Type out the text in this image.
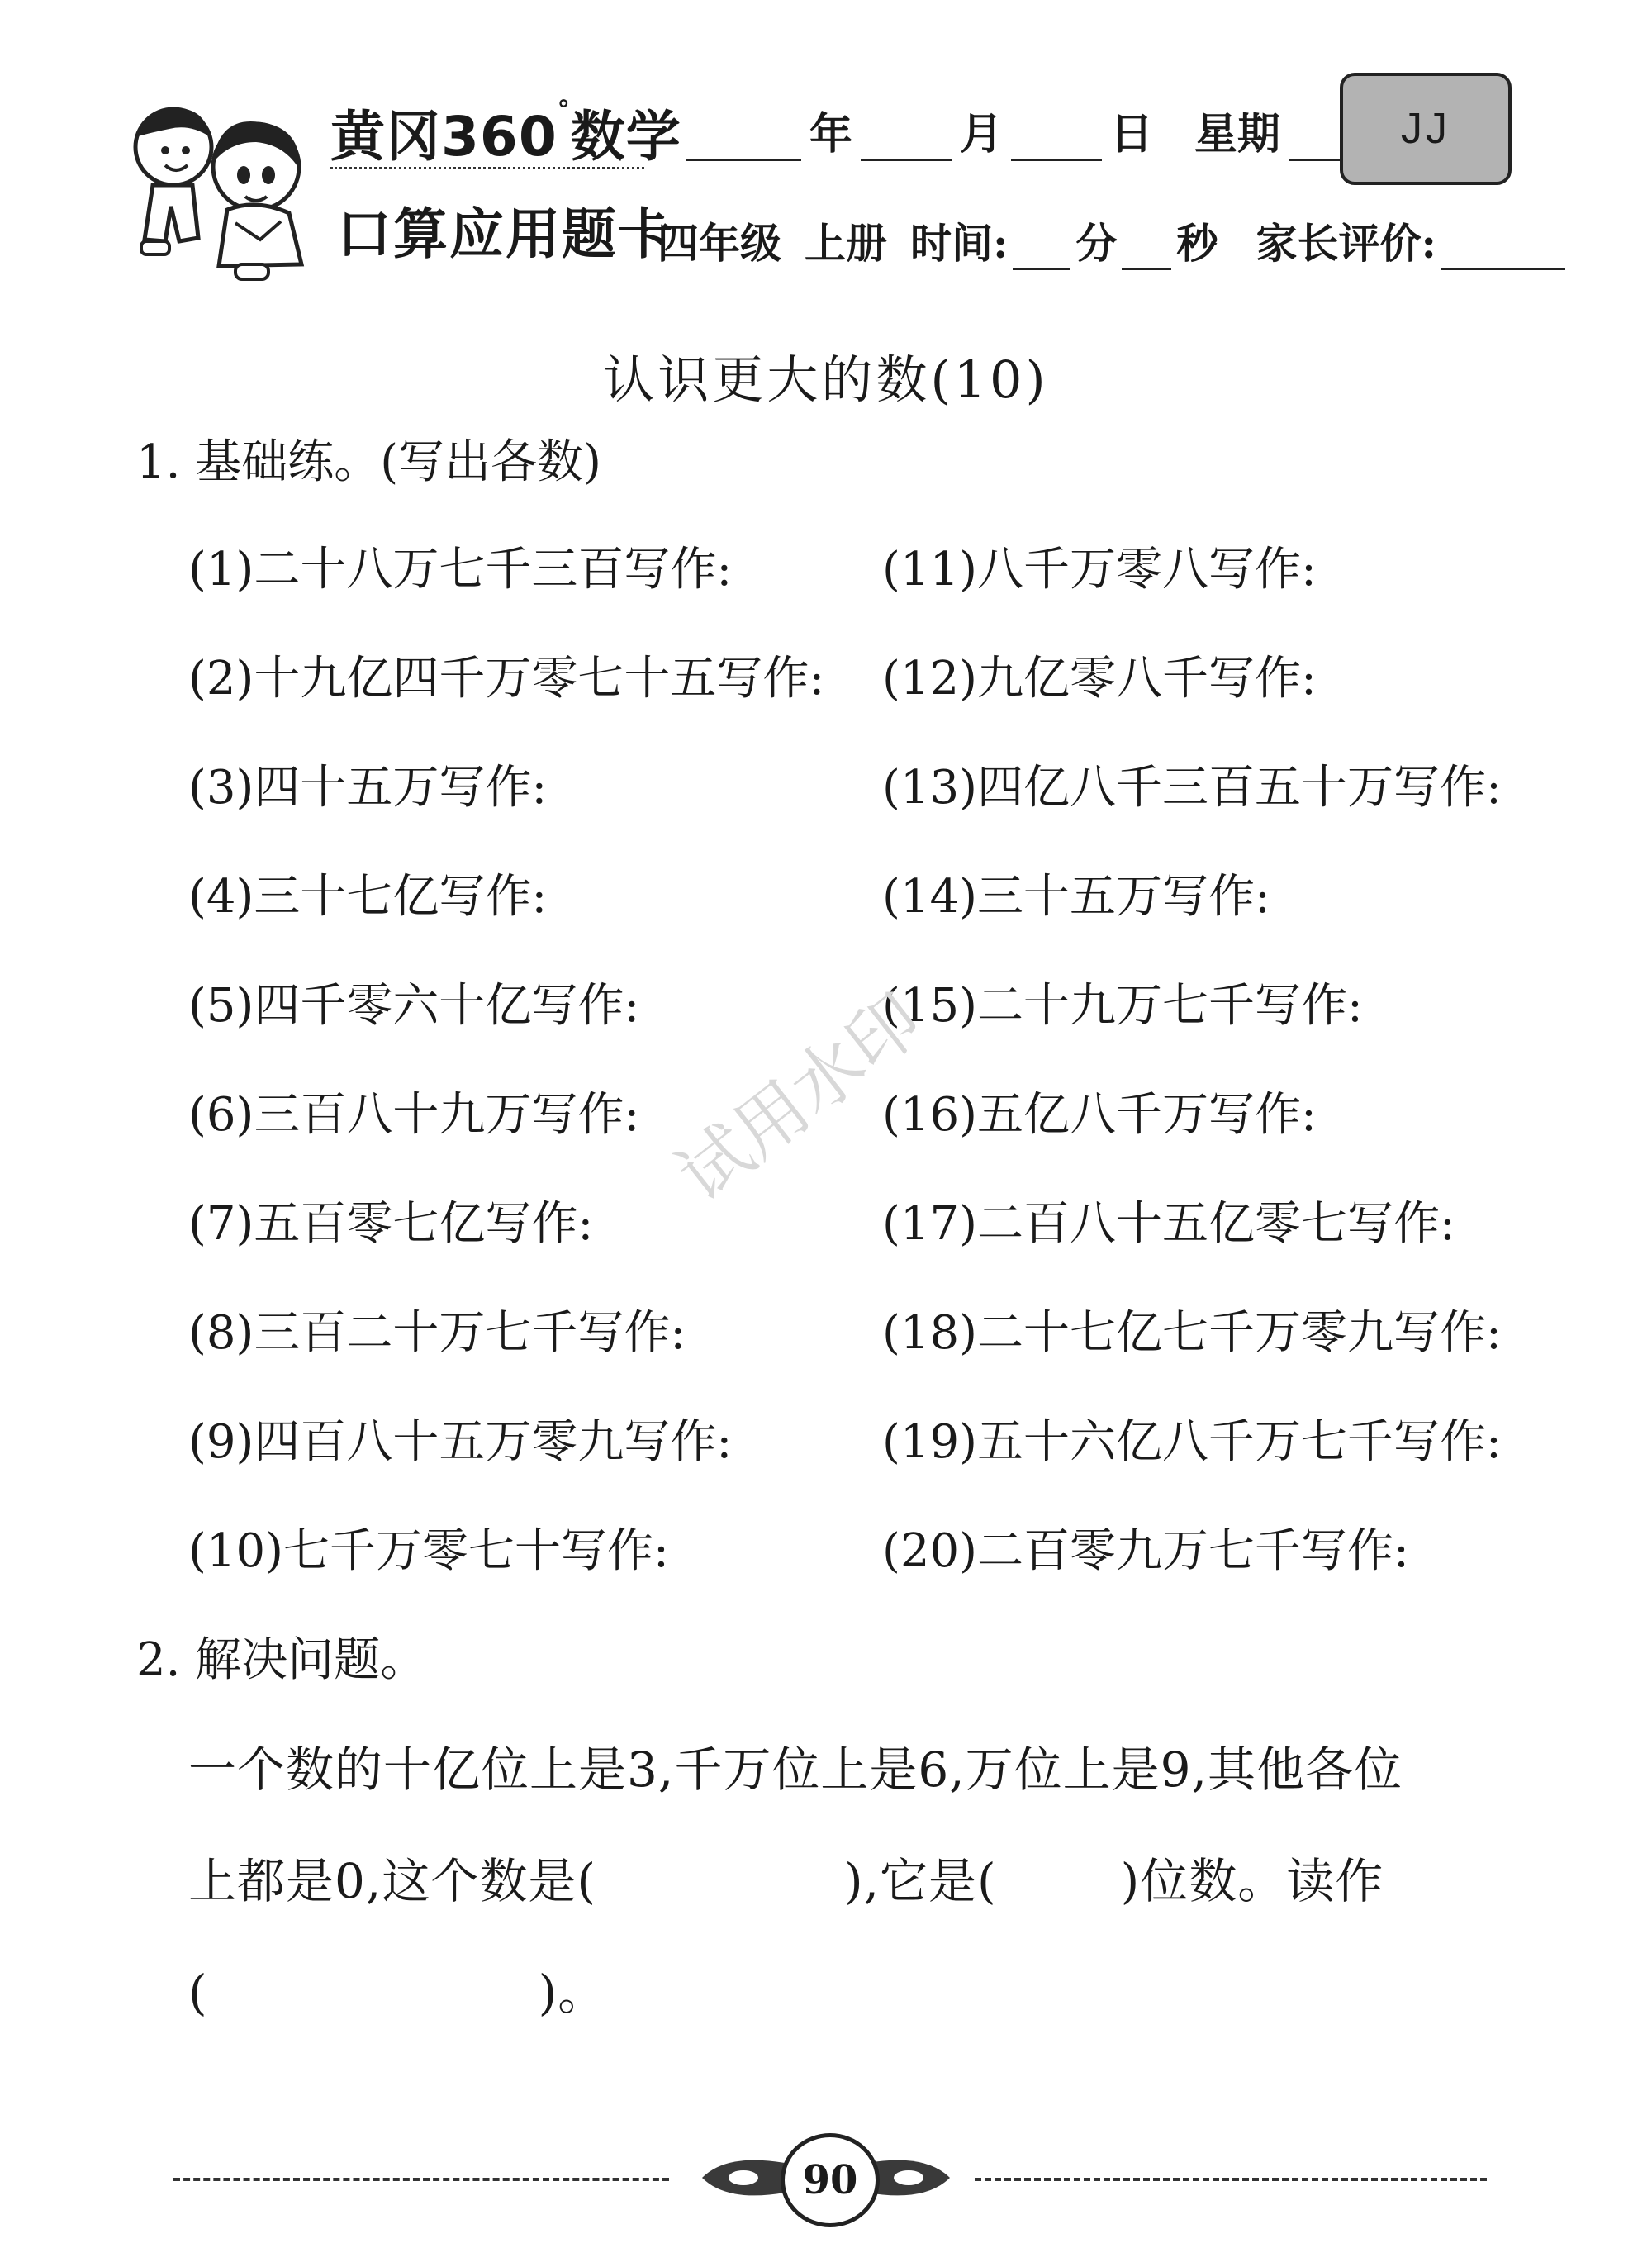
黄冈360°数学
口算应用题卡
年	月	日 星期	JJ
四年级 上册 时间: 分 秒 家长评价:
认识更大的数(10)
1. 基础练。(写出各数)
(1)二十八万七千三百写作:
(2)十九亿四千万零七十五写作:
(3)四十五万写作:
(4)三十七亿写作:
(5)四千零六十亿写作:
(6)三百八十九万写作:
(7)五百零七亿写作:
(8)三百二十万七千写作:
(9)四百八十五万零九写作:
(10)七千万零七十写作:
(11)八千万零八写作:
(12)九亿零八千写作:
(13)四亿八千三百五十万写作:
(14)三十五万写作:
(15)二十九万七千写作:
(16)五亿八千万写作:
(17)二百八十五亿零七写作:
(18)二十七亿七千万零九写作:
(19)五十六亿八千万七千写作:
(20)二百零九万七千写作:
试用水印
2. 解决问题。
一个数的十亿位上是3,千万位上是6,万位上是9,其他各位
上都是0,这个数是(	),它是(	)位数。读作
(	)。
90
